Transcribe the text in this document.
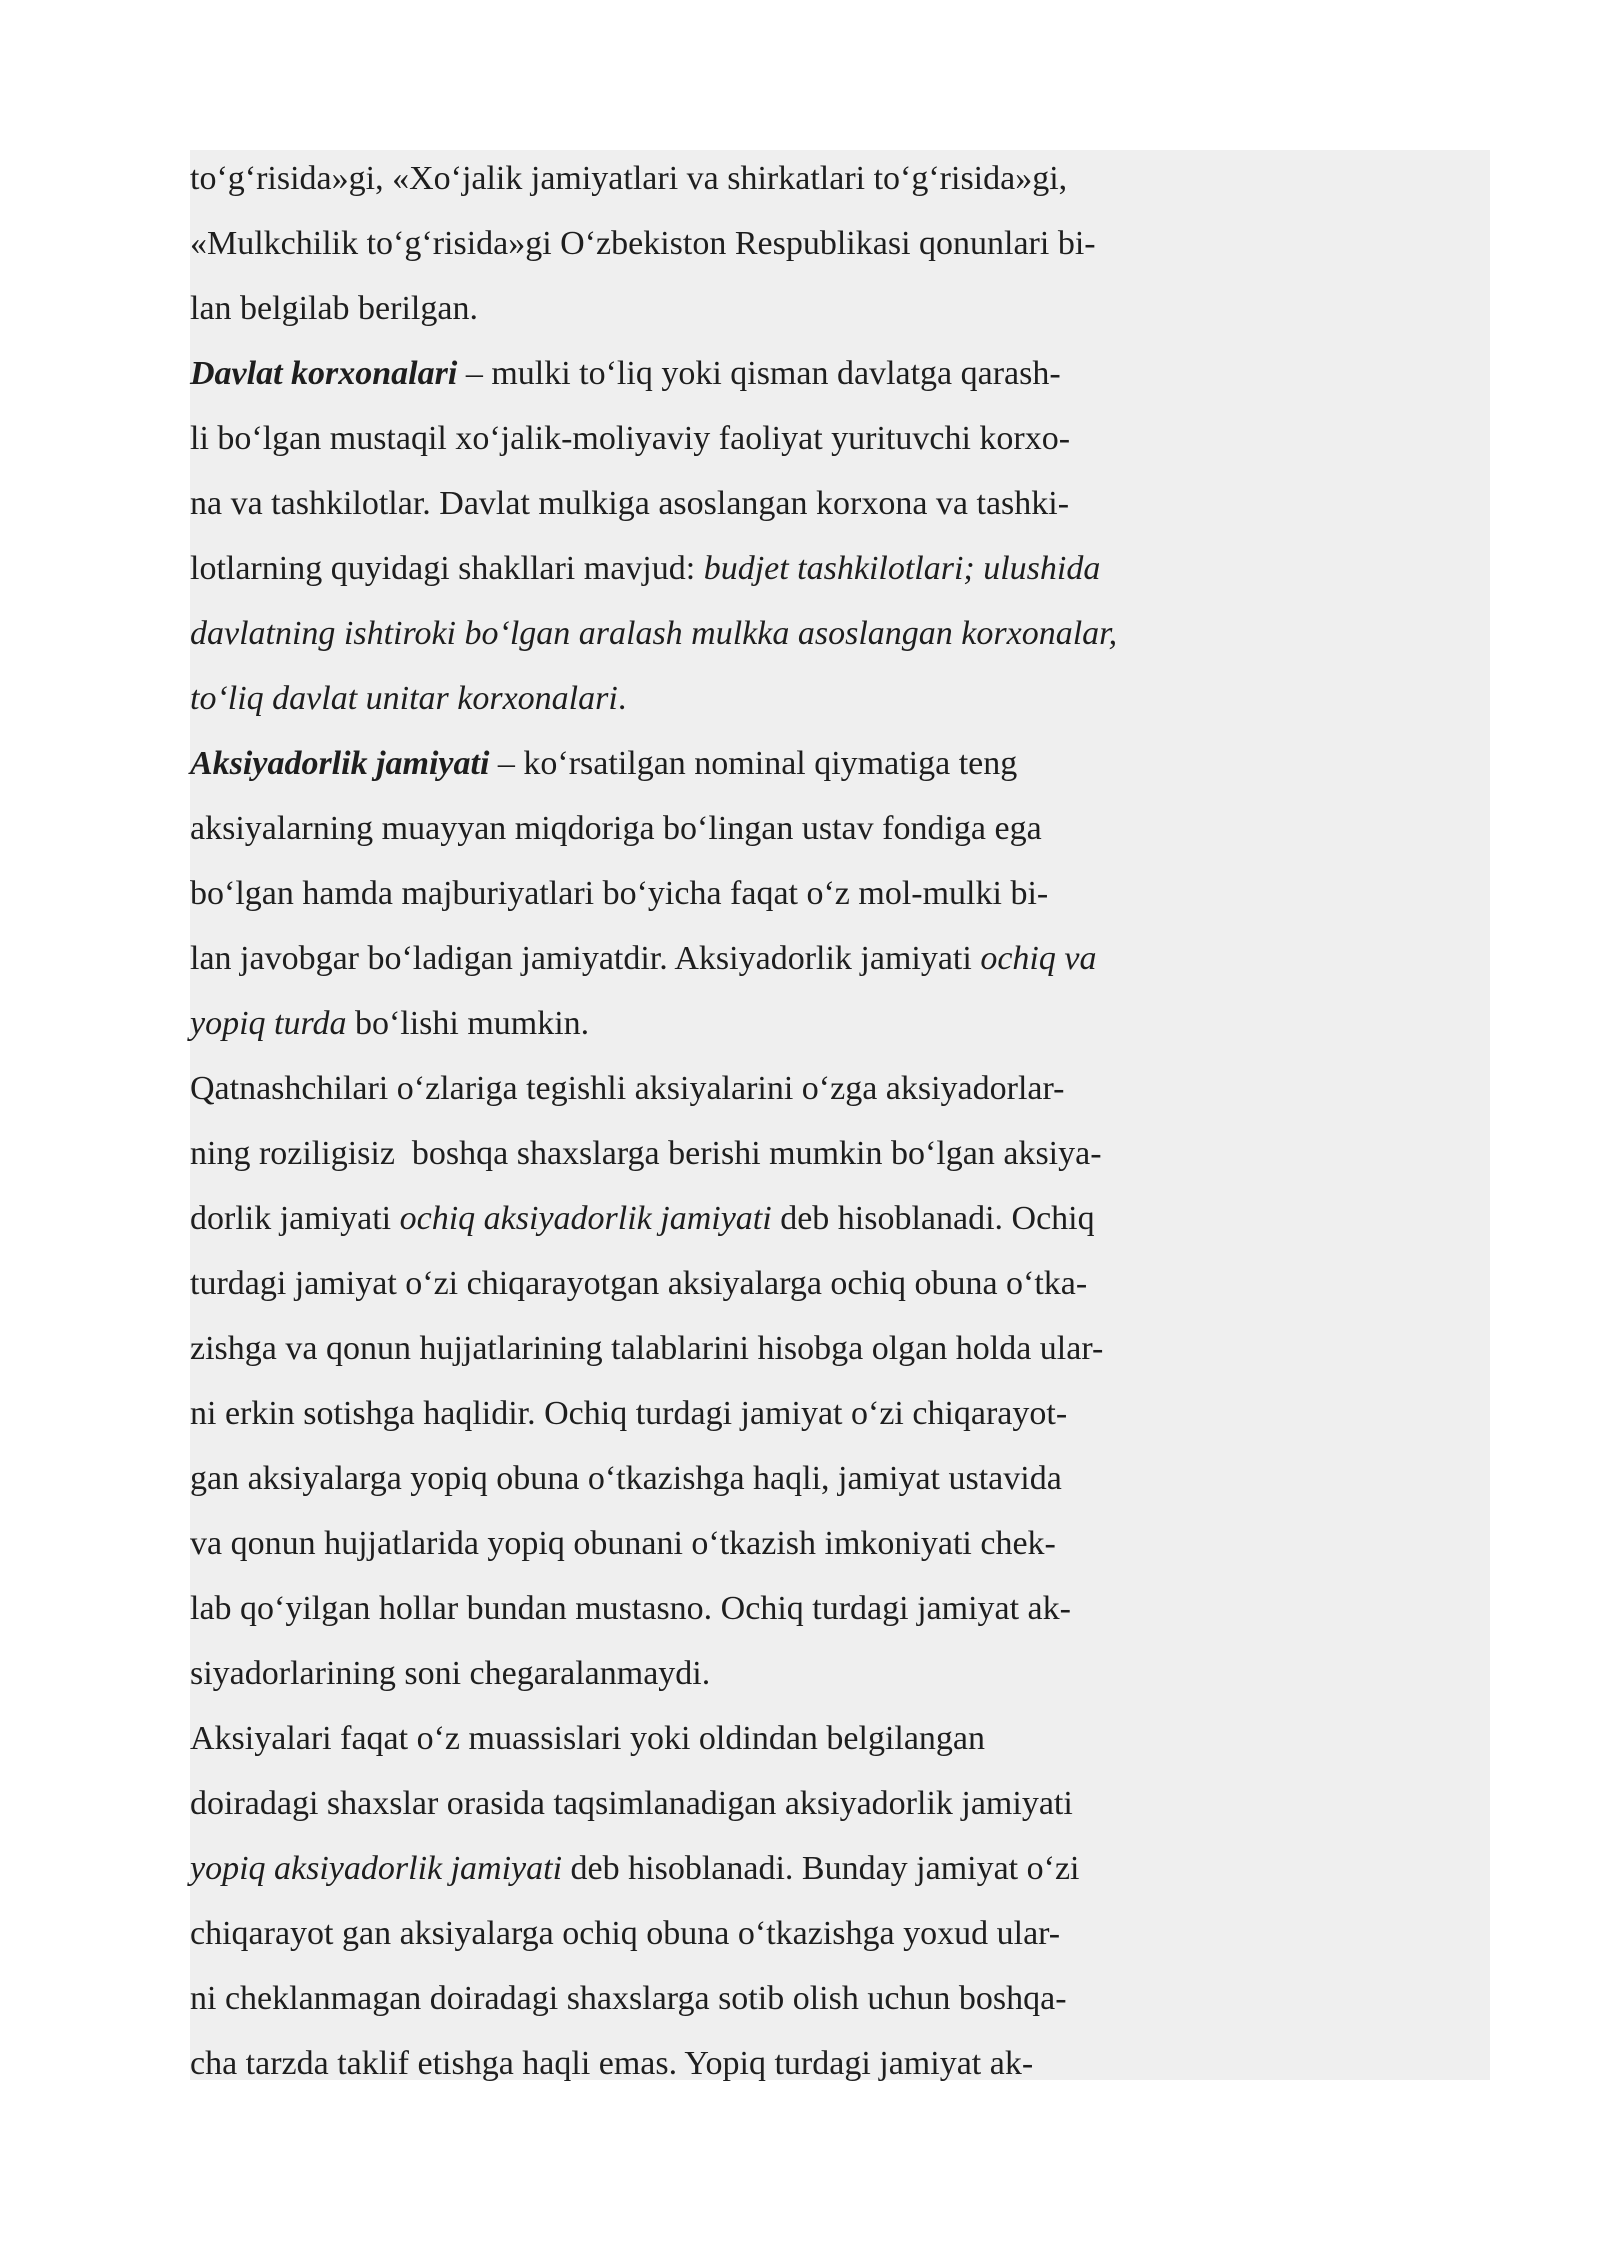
to‘g‘risida»gi, «Xo‘jalik jamiyatlari va shirkatlari to‘g‘risida»gi,
«Mulkchilik to‘g‘risida»gi O‘zbekiston Respublikasi qonunlari bi-
lan belgilab berilgan.
Davlat korxonalari – mulki to‘liq yoki qisman davlatga qarash-
li bo‘lgan mustaqil xo‘jalik-moliyaviy faoliyat yurituvchi korxo-
na va tashkilotlar. Davlat mulkiga asoslangan korxona va tashki-
lotlarning quyidagi shakllari mavjud: budjet tashkilotlari; ulushida
davlatning ishtiroki bo‘lgan aralash mulkka asoslangan korxonalar,
to‘liq davlat unitar korxonalari.
Aksiyadorlik jamiyati – ko‘rsatilgan nominal qiymatiga teng
aksiyalarning muayyan miqdoriga bo‘lingan ustav fondiga ega
bo‘lgan hamda majburiyatlari bo‘yicha faqat o‘z mol-mulki bi-
lan javobgar bo‘ladigan jamiyatdir. Aksiyadorlik jamiyati ochiq va
yopiq turda bo‘lishi mumkin.
Qatnashchilari o‘zlariga tegishli aksiyalarini o‘zga aksiyadorlar-
ning roziligisiz  boshqa shaxslarga berishi mumkin bo‘lgan aksiya-
dorlik jamiyati ochiq aksiyadorlik jamiyati deb hisoblanadi. Ochiq
turdagi jamiyat o‘zi chiqarayotgan aksiyalarga ochiq obuna o‘tka-
zishga va qonun hujjatlarining talablarini hisobga olgan holda ular-
ni erkin sotishga haqlidir. Ochiq turdagi jamiyat o‘zi chiqarayot-
gan aksiyalarga yopiq obuna o‘tkazishga haqli, jamiyat ustavida
va qonun hujjatlarida yopiq obunani o‘tkazish imkoniyati chek-
lab qo‘yilgan hollar bundan mustasno. Ochiq turdagi jamiyat ak-
siyadorlarining soni chegaralanmaydi.
Aksiyalari faqat o‘z muassislari yoki oldindan belgilangan
doiradagi shaxslar orasida taqsimlanadigan aksiyadorlik jamiyati
yopiq aksiyadorlik jamiyati deb hisoblanadi. Bunday jamiyat o‘zi
chiqarayot gan aksiyalarga ochiq obuna o‘tkazishga yoxud ular-
ni cheklanmagan doiradagi shaxslarga sotib olish uchun boshqa-
cha tarzda taklif etishga haqli emas. Yopiq turdagi jamiyat ak-
